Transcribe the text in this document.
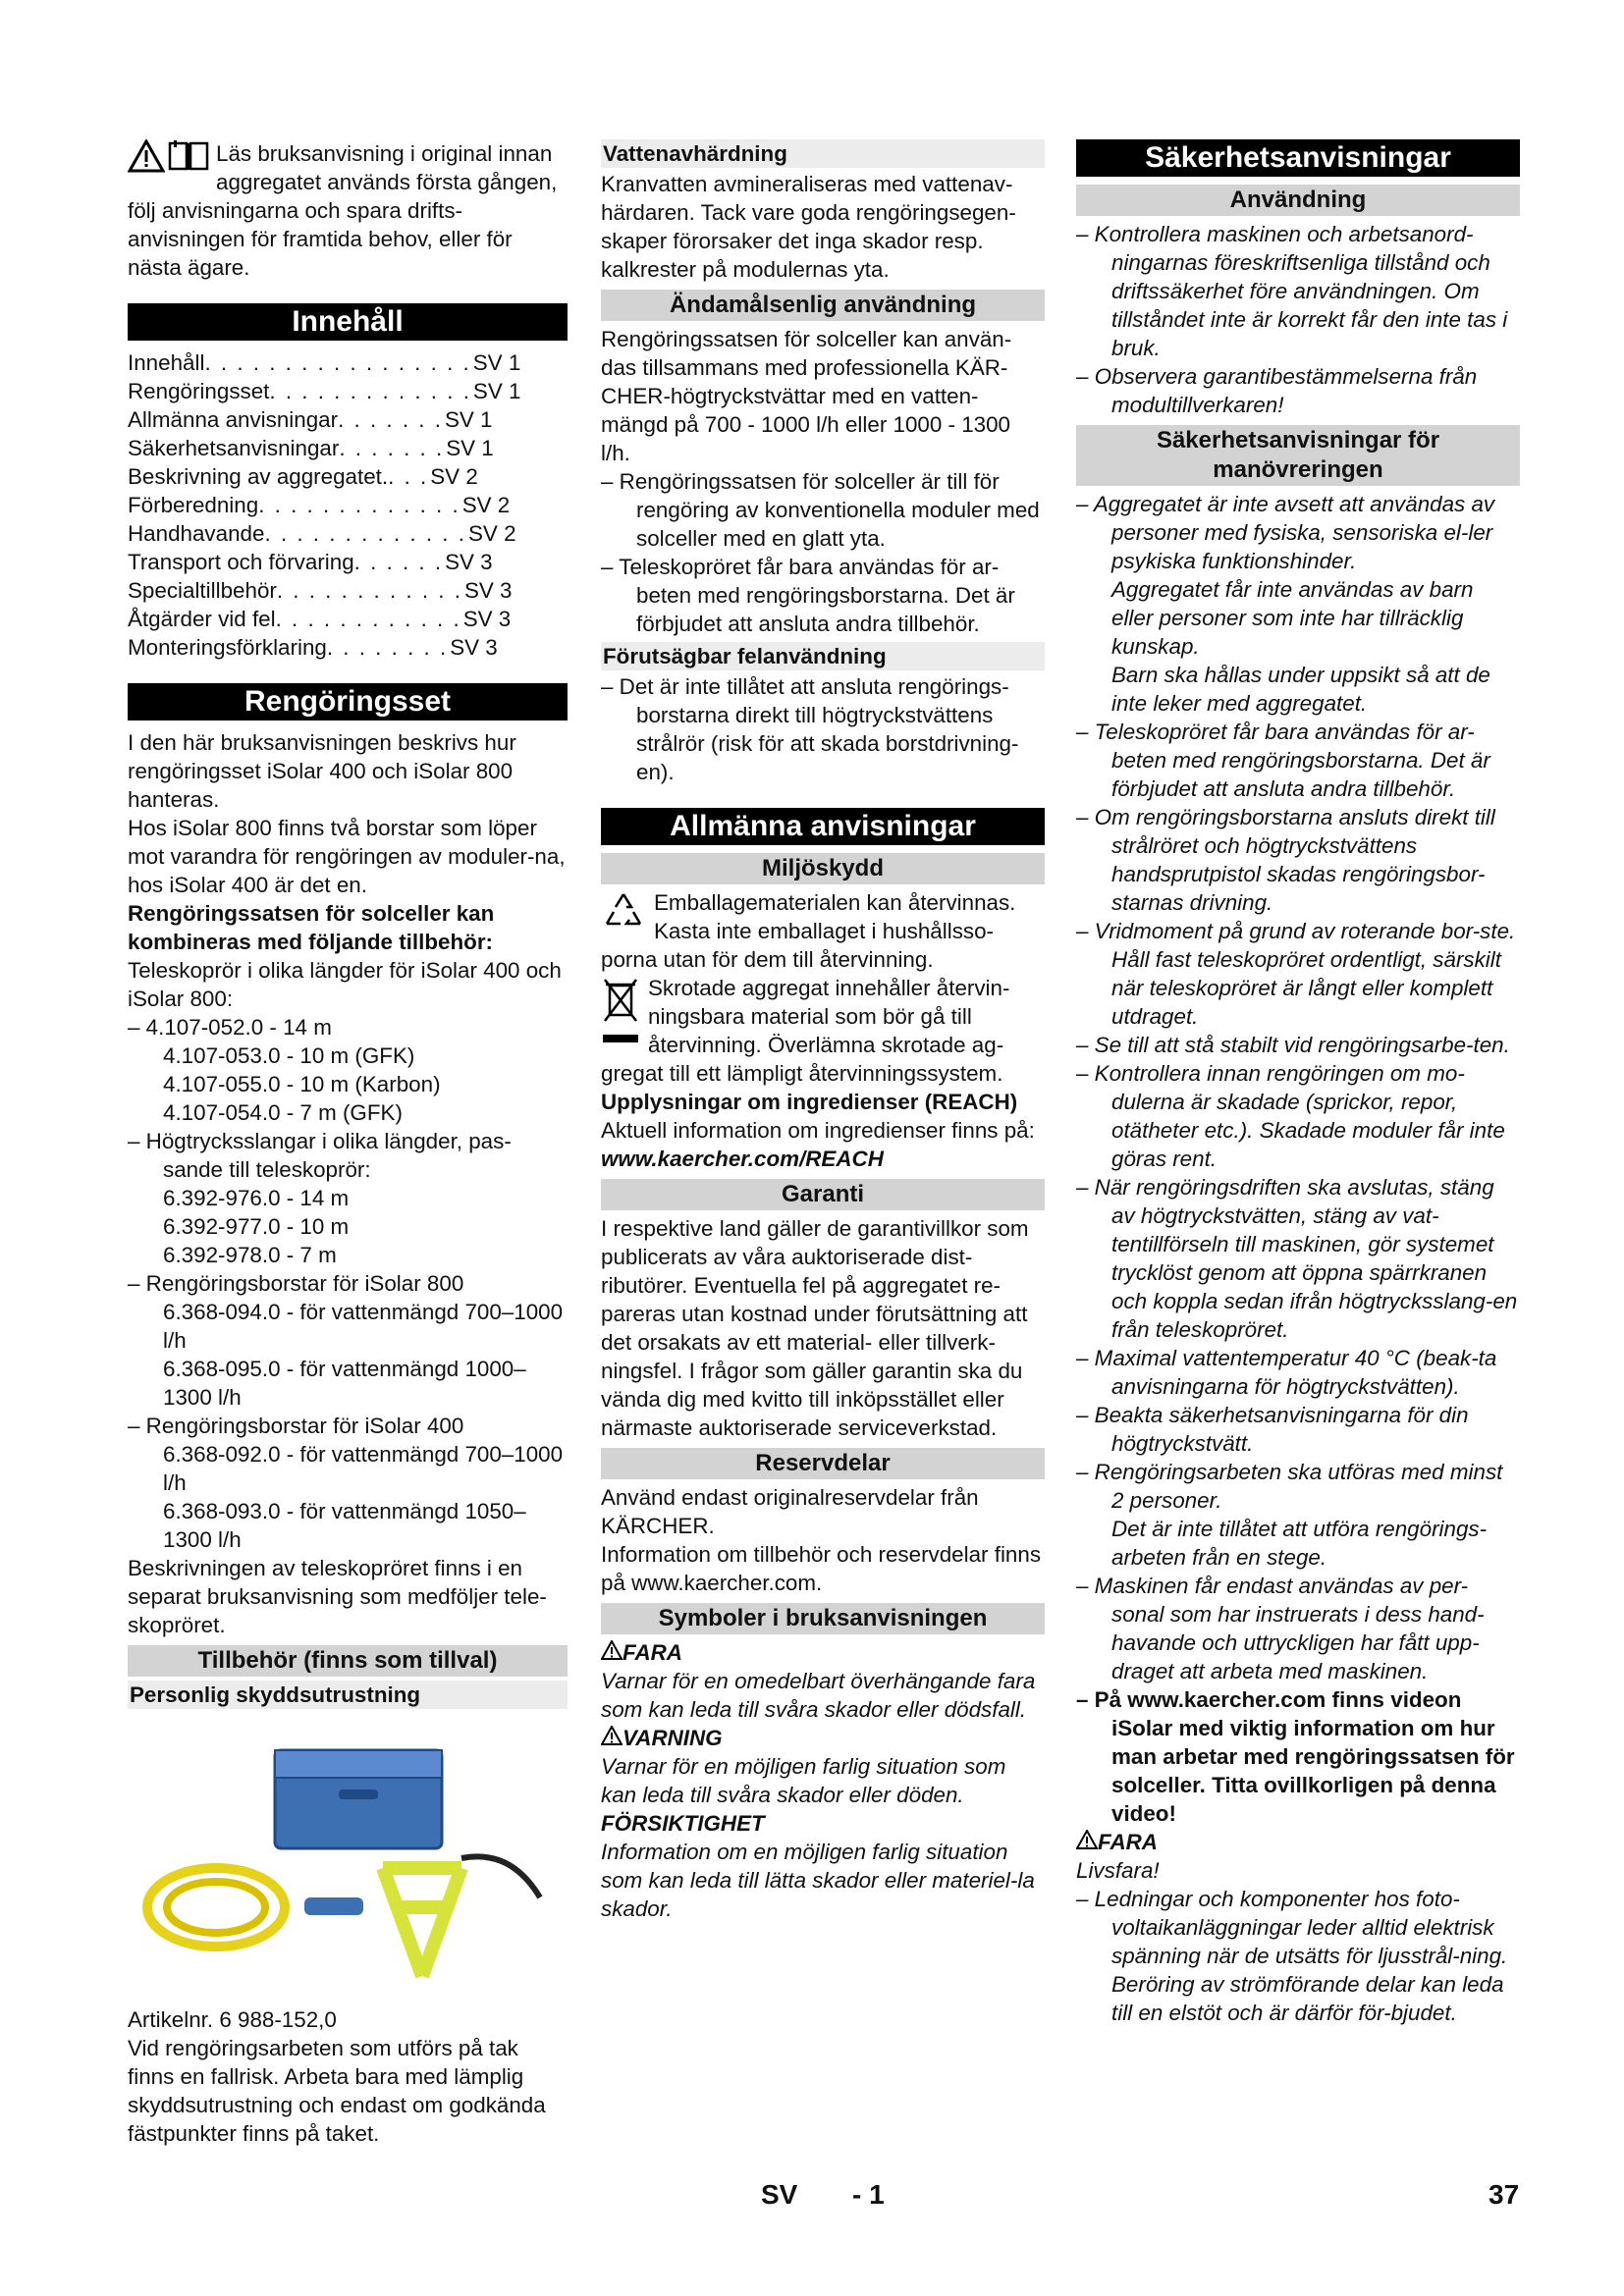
Läs bruksanvisning i original innan aggregatet används första gången, följ anvisningarna och spara drifts-anvisningen för framtida behov, eller för nästa ägare.

Innehåll
Innehåll . . . . . . . . . . . . . . . . . SV 1
Rengöringsset . . . . . . . . . . . . . SV 1
Allmänna anvisningar . . . . . . . SV 1
Säkerhetsanvisningar . . . . . . . SV 1
Beskrivning av aggregatet. . . . SV 2
Förberedning . . . . . . . . . . . . . SV 2
Handhavande . . . . . . . . . . . . . SV 2
Transport och förvaring . . . . . . SV 3
Specialtillbehör . . . . . . . . . . . . SV 3
Åtgärder vid fel . . . . . . . . . . . . SV 3
Monteringsförklaring . . . . . . . . SV 3
Rengöringsset

I den här bruksanvisningen beskrivs hur rengöringsset iSolar 400 och iSolar 800 hanteras.

Hos iSolar 800 finns två borstar som löper mot varandra för rengöringen av moduler-na, hos iSolar 400 är det en.

Rengöringssatsen för solceller kan kombineras med följande tillbehör:

Teleskoprör i olika längder för iSolar 400 och iSolar 800:

– 4.107-052.0 - 14 m

4.107-053.0 - 10 m (GFK)

4.107-055.0 - 10 m (Karbon)

4.107-054.0 - 7 m (GFK)

– Högtrycksslangar i olika längder, pas-sande till teleskoprör:

6.392-976.0 - 14 m

6.392-977.0 - 10 m

6.392-978.0 - 7 m

– Rengöringsborstar för iSolar 800

6.368-094.0 - för vattenmängd 700–1000 l/h

6.368-095.0 - för vattenmängd 1000–1300 l/h

– Rengöringsborstar för iSolar 400

6.368-092.0 - för vattenmängd 700–1000 l/h

6.368-093.0 - för vattenmängd 1050–1300 l/h

Beskrivningen av teleskopröret finns i en separat bruksanvisning som medföljer tele-skopröret.

Tillbehör (finns som tillval)
Personlig skyddsutrustning

Artikelnr. 6 988-152,0

Vid rengöringsarbeten som utförs på tak finns en fallrisk. Arbeta bara med lämplig skyddsutrustning och endast om godkända fästpunkter finns på taket.

Vattenavhärdning

Kranvatten avmineraliseras med vattenav-härdaren. Tack vare goda rengöringsegen-skaper förorsaker det inga skador resp. kalkrester på modulernas yta.

Ändamålsenlig användning

Rengöringssatsen för solceller kan använ-das tillsammans med professionella KÄR-CHER-högtryckstvättar med en vatten-mängd på 700 - 1000 l/h eller 1000 - 1300 l/h.

– Rengöringssatsen för solceller är till för rengöring av konventionella moduler med solceller med en glatt yta.

– Teleskopröret får bara användas för ar-beten med rengöringsborstarna. Det är förbjudet att ansluta andra tillbehör.

Förutsägbar felanvändning

– Det är inte tillåtet att ansluta rengörings-borstarna direkt till högtryckstvättens strålrör (risk för att skada borstdrivning-en).

Allmänna anvisningar
Miljöskydd

Emballagematerialen kan återvinnas. Kasta inte emballaget i hushållsso-porna utan för dem till återvinning.

Skrotade aggregat innehåller återvin-ningsbara material som bör gå till återvinning. Överlämna skrotade ag-gregat till ett lämpligt återvinningssystem.

Upplysningar om ingredienser (REACH)

Aktuell information om ingredienser finns på:

www.kaercher.com/REACH

Garanti

I respektive land gäller de garantivillkor som publicerats av våra auktoriserade dist-ributörer. Eventuella fel på aggregatet re-pareras utan kostnad under förutsättning att det orsakats av ett material- eller tillverk-ningsfel. I frågor som gäller garantin ska du vända dig med kvitto till inköpsstället eller närmaste auktoriserade serviceverkstad.

Reservdelar

Använd endast originalreservdelar från KÄRCHER.

Information om tillbehör och reservdelar finns på www.kaercher.com.

Symboler i bruksanvisningen

FARA

Varnar för en omedelbart överhängande fara som kan leda till svåra skador eller dödsfall.

VARNING

Varnar för en möjligen farlig situation som kan leda till svåra skador eller döden.

FÖRSIKTIGHET

Information om en möjligen farlig situation som kan leda till lätta skador eller materiel-la skador.

Säkerhetsanvisningar
Användning

– Kontrollera maskinen och arbetsanord-ningarnas föreskriftsenliga tillstånd och driftssäkerhet före användningen. Om tillståndet inte är korrekt får den inte tas i bruk.

– Observera garantibestämmelserna från modultillverkaren!

Säkerhetsanvisningar för manövreringen

– Aggregatet är inte avsett att användas av personer med fysiska, sensoriska el-ler psykiska funktionshinder.

Aggregatet får inte användas av barn eller personer som inte har tillräcklig kunskap.

Barn ska hållas under uppsikt så att de inte leker med aggregatet.

– Teleskopröret får bara användas för ar-beten med rengöringsborstarna. Det är förbjudet att ansluta andra tillbehör.

– Om rengöringsborstarna ansluts direkt till strålröret och högtryckstvättens handsprutpistol skadas rengöringsbor-starnas drivning.

– Vridmoment på grund av roterande bor-ste. Håll fast teleskopröret ordentligt, särskilt när teleskopröret är långt eller komplett utdraget.

– Se till att stå stabilt vid rengöringsarbe-ten.

– Kontrollera innan rengöringen om mo-dulerna är skadade (sprickor, repor, otätheter etc.). Skadade moduler får inte göras rent.

– När rengöringsdriften ska avslutas, stäng av högtryckstvätten, stäng av vat-tentillförseln till maskinen, gör systemet trycklöst genom att öppna spärrkranen och koppla sedan ifrån högtrycksslang-en från teleskopröret.

– Maximal vattentemperatur 40 °C (beak-ta anvisningarna för högtryckstvätten).

– Beakta säkerhetsanvisningarna för din högtryckstvätt.

– Rengöringsarbeten ska utföras med minst 2 personer.

Det är inte tillåtet att utföra rengörings-arbeten från en stege.

– Maskinen får endast användas av per-sonal som har instruerats i dess hand-havande och uttryckligen har fått upp-draget att arbeta med maskinen.

– På www.kaercher.com finns videon iSolar med viktig information om hur man arbetar med rengöringssatsen för solceller. Titta ovillkorligen på denna video!

FARA

Livsfara!

– Ledningar och komponenter hos foto-voltaikanläggningar leder alltid elektrisk spänning när de utsätts för ljusstrål-ning. Beröring av strömförande delar kan leda till en elstöt och är därför för-bjudet.

SV - 1	37
